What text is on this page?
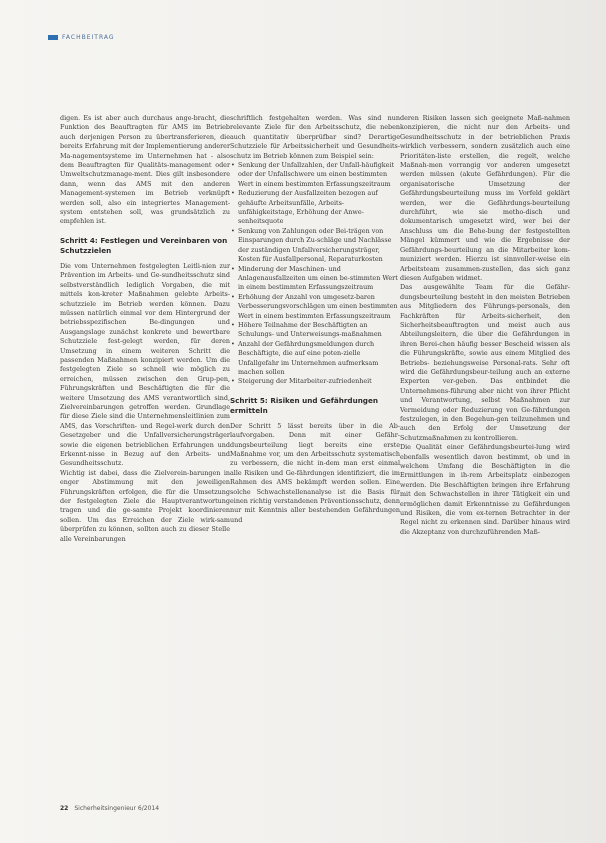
FACHBEITRAG

digen. Es ist aber auch durchaus ange-bracht, die Funktion des Beauftragten für AMS im Betrieb auch derjenigen Person zu übertransferieren, die bereits Erfahrung mit der Implementierung anderer Ma-nagementsysteme im Unternehmen hat - also dem Beauftragten für Qualitäts-management oder Umweltschutzmanage-ment. Dies gilt insbesondere dann, wenn das AMS mit den anderen Management-systemen im Betrieb verknüpft werden soll, also ein integriertes Management-system entstehen soll, was grundsätzlich zu empfehlen ist.

Schritt 4: Festlegen und Vereinbaren von Schutzzielen

Die vom Unternehmen festgelegten Leitli-nien zur Prävention im Arbeits- und Ge-sundheitsschutz sind selbstverständlich lediglich Vorgaben, die mit mittels kon-kreter Maßnahmen gelebte Arbeits-schutzziele im Betrieb werden können. Dazu müssen natürlich einmal vor dem Hintergrund der betriebsspezifischen Be-dingungen und Ausgangslage zunächst konkrete und bewertbare Schutzziele fest-gelegt werden, für deren Umsetzung in einem weiteren Schritt die passenden Maßnahmen konzipiert werden. Um die festgelegten Ziele so schnell wie möglich zu erreichen, müssen zwischen den Grup-pen, Führungskräften und Beschäftigten die für die weitere Umsetzung des AMS verantwortlich sind, Zielvereinbarungen getroffen werden. Grundlage für diese Ziele sind die Unternehmensleitlinien zum AMS, das Vorschriften- und Regel-werk durch den Gesetzgeber und die Unfallversicherungsträger sowie die eigenen betrieblichen Erfahrungen und Erkennt-nisse in Bezug auf den Arbeits- und Gesundheitsschutz.

Wichtig ist dabei, dass die Zielverein-barungen in enger Abstimmung mit den jeweiligen Führungskräften erfolgen, die für die Umsetzung der festgelegten Ziele die Hauptverantwortung tragen und die ge-samte Projekt koordinieren sollen. Um das Erreichen der Ziele wirk-sam überprüfen zu können, sollten auch zu dieser Stelle alle Vereinbarungen

schriftlich festgehalten werden. Was sind nun relevante Ziele für den Arbeitsschutz, die neben auch quantitativ überprüfbar sind? Derartige Schutzziele für Arbeitssicherheit und Gesundheits-schutz im Betrieb können zum Beispiel sein:

• Senkung der Unfallzahlen, der Unfall-häufigkeit oder der Unfallschwere um einen bestimmten Wert in einem bestimmten Erfassungszeitraum
• Reduzierung der Ausfallzeiten bezogen auf gehäufte Arbeitsunfälle, Arbeits-unfähigkeitstage, Erhöhung der Anwe-senheitsquote
• Senkung von Zahlungen oder Bei-trägen von Einsparungen durch Zu-schläge und Nachlässe der zuständigen Unfallversicherungsträger, Kosten für Ausfallpersonal, Reparaturkosten
• Minderung der Maschinen- und Anlagenausfallzeiten um einen be-stimmten Wert in einem bestimmten Erfassungszeitraum
• Erhöhung der Anzahl von umgesetz-baren Verbesserungsvorschlägen um einen bestimmten Wert in einem bestimmten Erfassungszeitraum
• Höhere Teilnahme der Beschäftigten an Schulungs- und Unterweisungs-maßnahmen
• Anzahl der Gefährdungsmeldungen durch Beschäftigte, die auf eine poten-zielle Unfallgefahr im Unternehmen aufmerksam machen sollen
• Steigerung der Mitarbeiter-zufriedenheit
Schritt 5: Risiken und Gefährdungen ermitteln

Der Schritt 5 lässt bereits über in die Ab-laufvorgaben. Denn mit einer Gefähr-dungsbeurteilung liegt bereits eine erste Maßnahme vor, um den Arbeitsschutz systematisch zu verbessern, die nicht in-dem man erst einmal alle Risiken und Ge-fährdungen identifiziert, die im Rahmen des AMS bekämpft werden sollen. Eine solche Schwachstellenanalyse ist die Basis für einen richtig verstandenen Präventionsschutz, denn nur mit Kenntnis aller bestehenden Gefährdungen und

deren Risiken lassen sich geeignete Maß-nahmen konzipieren, die nicht nur den Arbeits- und Gesundheitsschutz in der betrieblichen Praxis wirklich verbessern, sondern zusätzlich auch eine Prioritäten-liste erstellen, die regelt, welche Maßnah-men vorrangig vor anderen umgesetzt werden müssen (akute Gefährdungen). Für die organisatorische Umsetzung der Gefährdungsbeurteilung muss im Vorfeld geklärt werden, wer die Gefährdungs-beurteilung durchführt, wie sie metho-disch und dokumentarisch umgesetzt wird, wer bei der Anschluss um die Behe-bung der festgestellten Mängel kümmert und wie die Ergebnisse der Gefährdungs-beurteilung an die Mitarbeiter kom-muniziert werden. Hierzu ist sinnvoller-weise ein Arbeitsteam zusammen-zustellen, das sich ganz diesen Aufgaben widmet.

Das ausgewählte Team für die Gefähr-dungsbeurteilung besteht in den meisten Betrieben aus Mitgliedern des Führungs-personals, den Fachkräften für Arbeits-sicherheit, den Sicherheitsbeauftragten und meist auch aus Abteilungsleitern, die über die Gefährdungen in ihren Berei-chen häufig besser Bescheid wissen als die Führungskräfte, sowie aus einem Mitglied des Betriebs- beziehungsweise Personal-rats. Sehr oft wird die Gefährdungsbeur-teilung auch an externe Experten ver-geben. Das entbindet die Unternehmens-führung aber nicht von ihrer Pflicht und Verantwortung, selbst Maßnahmen zur Vermeidung oder Reduzierung von Ge-fährdungen festzulegen, in den Begehun-gen teilzunehmen und auch den Erfolg der Umsetzung der Schutzmaßnahmen zu kontrollieren.

Die Qualität einer Gefährdungsbeurtei-lung wird ebenfalls wesentlich davon bestimmt, ob und in welchem Umfang die Beschäftigten in die Ermittlungen in ih-rem Arbeitsplatz einbezogen werden. Die Beschäftigten bringen ihre Erfahrung mit den Schwachstellen in ihrer Tätigkeit ein und ermöglichen damit Erkenntnisse zu Gefährdungen und Risiken, die vom ex-ternen Betrachter in der Regel nicht zu erkennen sind. Darüber hinaus wird die Akzeptanz von durchzuführenden Maß-

22 Sicherheitsingenieur 6/2014
